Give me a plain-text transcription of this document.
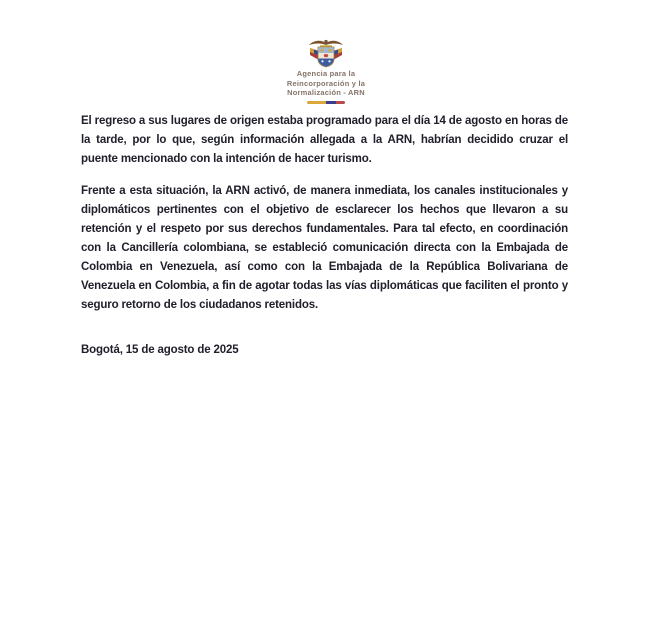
Agencia para la
Reincorporación y la
Normalización - ARN

El regreso a sus lugares de origen estaba programado para el día 14 de agosto en horas de la tarde, por lo que, según información allegada a la ARN, habrían decidido cruzar el puente mencionado con la intención de hacer turismo.

Frente a esta situación, la ARN activó, de manera inmediata, los canales institucionales y diplomáticos pertinentes con el objetivo de esclarecer los hechos que llevaron a su retención y el respeto por sus derechos fundamentales. Para tal efecto, en coordinación con la Cancillería colombiana, se estableció comunicación directa con la Embajada de Colombia en Venezuela, así como con la Embajada de la República Bolivariana de Venezuela en Colombia, a fin de agotar todas las vías diplomáticas que faciliten el pronto y seguro retorno de los ciudadanos retenidos.

Bogotá, 15 de agosto de 2025
